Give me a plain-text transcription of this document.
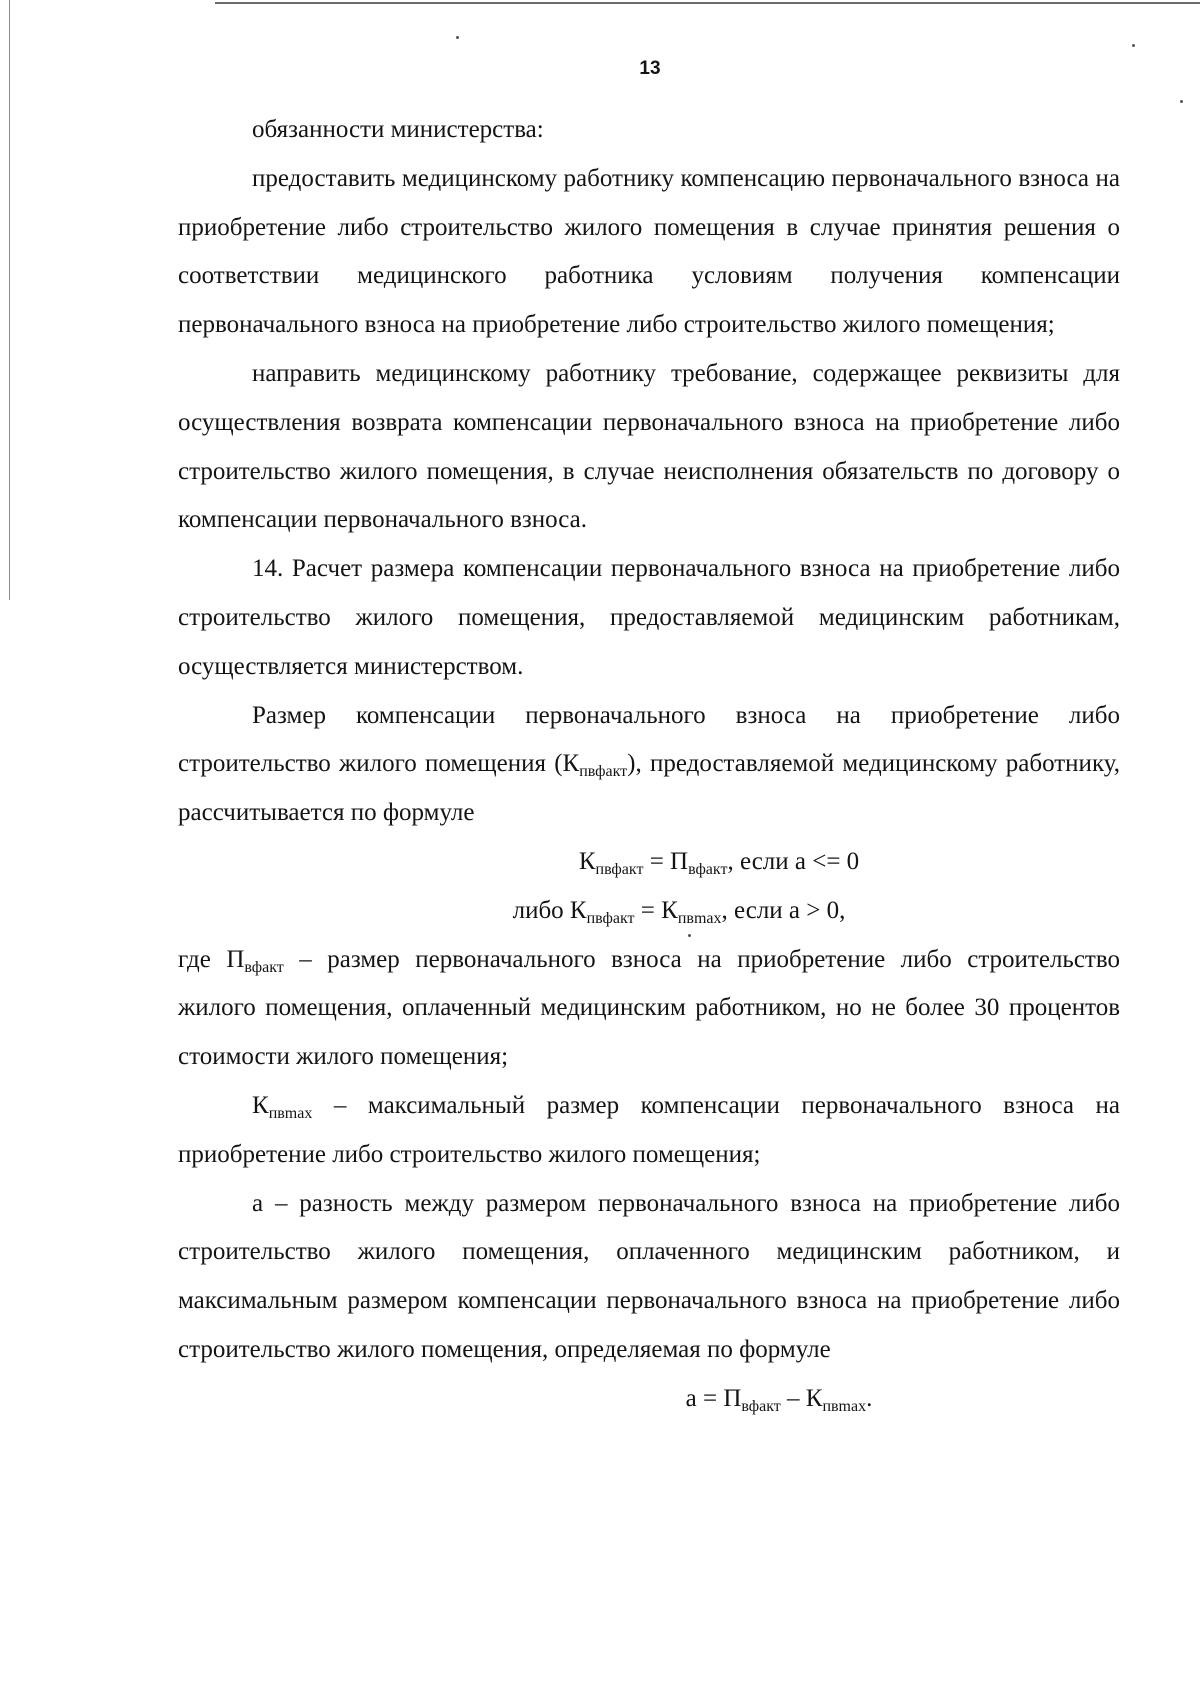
13

обязанности министерства:

предоставить медицинскому работнику компенсацию первоначального взноса на приобретение либо строительство жилого помещения в случае принятия решения о соответствии медицинского работника условиям получения компенсации первоначального взноса на приобретение либо строительство жилого помещения;

направить медицинскому работнику требование, содержащее реквизиты для осуществления возврата компенсации первоначального взноса на приобретение либо строительство жилого помещения, в случае неисполнения обязательств по договору о компенсации первоначального взноса.

14. Расчет размера компенсации первоначального взноса на приобретение либо строительство жилого помещения, предоставляемой медицинским работникам, осуществляется министерством.

Размер компенсации первоначального взноса на приобретение либо строительство жилого помещения $(К_{пвфакт})$, предоставляемой медицинскому работнику, рассчитывается по формуле

$К_{пвфакт} = П_{вфакт}$, если a <= 0

либо $К_{пвфакт} = К_{пвmax}$, если a > 0,

где $П_{вфакт}$ – размер первоначального взноса на приобретение либо строительство жилого помещения, оплаченный медицинским работником, но не более 30 процентов стоимости жилого помещения;

$К_{пвmax}$ – максимальный размер компенсации первоначального взноса на приобретение либо строительство жилого помещения;

a – разность между размером первоначального взноса на приобретение либо строительство жилого помещения, оплаченного медицинским работником, и максимальным размером компенсации первоначального взноса на приобретение либо строительство жилого помещения, определяемая по формуле

$a = П_{вфакт} - К_{пвmax}$.
